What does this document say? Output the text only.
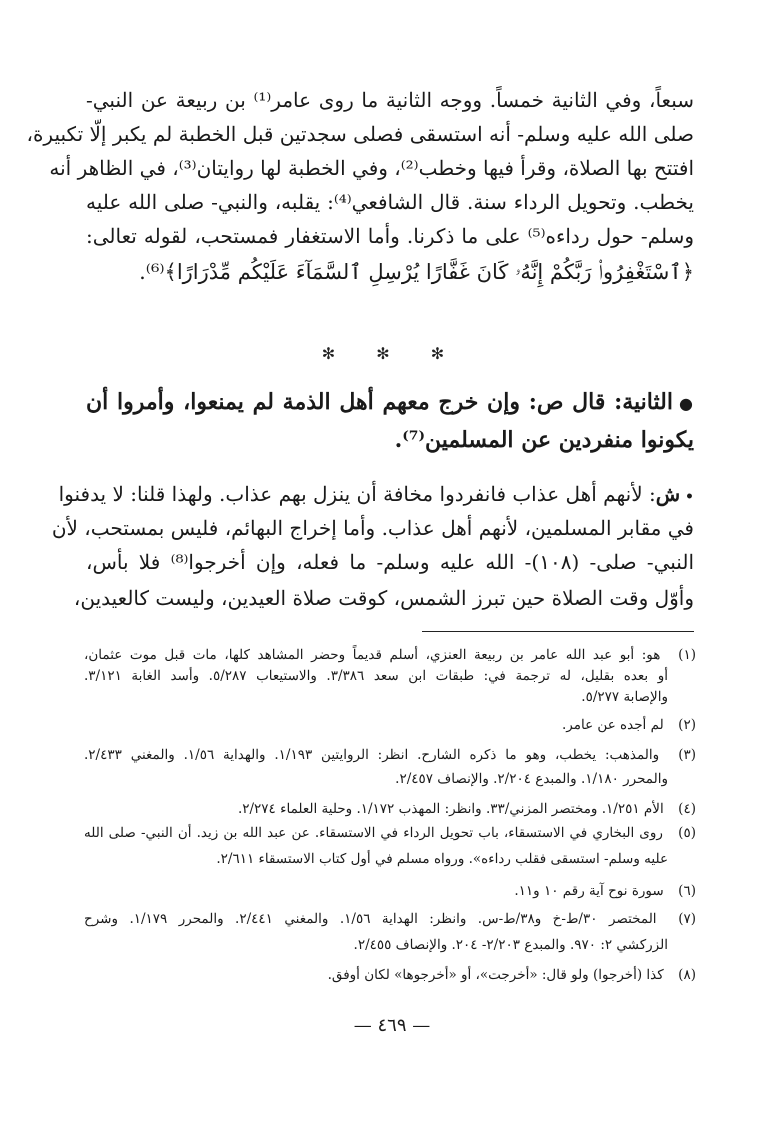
سبعاً، وفي الثانية خمساً. ووجه الثانية ما روى عامر⁽¹⁾ بن ربيعة عن النبي-
صلى الله عليه وسلم- أنه استسقى فصلى سجدتين قبل الخطبة لم يكبر إلّا تكبيرة،
افتتح بها الصلاة، وقرأ فيها وخطب⁽²⁾، وفي الخطبة لها روايتان⁽³⁾، في الظاهر أنه
يخطب. وتحويل الرداء سنة. قال الشافعي⁽⁴⁾: يقلبه، والنبي- صلى الله عليه
وسلم- حول رداءه⁽⁵⁾ على ما ذكرنا. وأما الاستغفار فمستحب، لقوله تعالى:
﴿ٱسْتَغْفِرُوا۟ رَبَّكُمْ إِنَّهُۥ كَانَ غَفَّارًا يُرْسِلِ ٱلسَّمَآءَ عَلَيْكُم مِّدْرَارًا﴾⁽⁶⁾.
✻ ✻ ✻
●الثانية: قال ص: وإن خرج معهم أهل الذمة لم يمنعوا، وأمروا أن
يكونوا منفردين عن المسلمين⁽⁷⁾.
• ش: لأنهم أهل عذاب فانفردوا مخافة أن ينزل بهم عذاب. ولهذا قلنا: لا يدفنوا
في مقابر المسلمين، لأنهم أهل عذاب. وأما إخراج البهائم، فليس بمستحب، لأن
النبي- صلى- (١٠٨)- الله عليه وسلم- ما فعله، وإن أخرجوا⁽⁸⁾ فلا بأس،
وأوّل وقت الصلاة حين تبرز الشمس، كوقت صلاة العيدين، وليست كالعيدين،
(١) هو: أبو عبد الله عامر بن ربيعة العنزي، أسلم قديماً وحضر المشاهد كلها، مات قبل موت عثمان،
أو بعده بقليل، له ترجمة في: طبقات ابن سعد ٣/٣٨٦. والاستيعاب ٥/٢٨٧. وأسد الغابة ٣/١٢١.
والإصابة ٥/٢٧٧.
(٢) لم أجده عن عامر.
(٣) والمذهب: يخطب، وهو ما ذكره الشارح. انظر: الروايتين ١/١٩٣. والهداية ١/٥٦. والمغني ٢/٤٣٣.
والمحرر ١/١٨٠. والمبدع ٢/٢٠٤. والإنصاف ٢/٤٥٧.
(٤) الأم ١/٢٥١. ومختصر المزني/٣٣. وانظر: المهذب ١/١٧٢. وحلية العلماء ٢/٢٧٤.
(٥) روى البخاري في الاستسقاء، باب تحويل الرداء في الاستسقاء. عن عبد الله بن زيد. أن النبي- صلى الله
عليه وسلم- استسقى فقلب رداءه». ورواه مسلم في أول كتاب الاستسقاء ٢/٦١١.
(٦) سورة نوح آية رقم ١٠ و١١.
(٧) المختصر ٣٠/ط-خ و٣٨/ط-س. وانظر: الهداية ١/٥٦. والمغني ٢/٤٤١. والمحرر ١/١٧٩. وشرح
الزركشي ٢: ٩٧٠. والمبدع ٢/٢٠٣- ٢٠٤. والإنصاف ٢/٤٥٥.
(٨) كذا (أخرجوا) ولو قال: «أخرجت»، أو «أخرجوها» لكان أوفق.
— ٤٦٩ —
